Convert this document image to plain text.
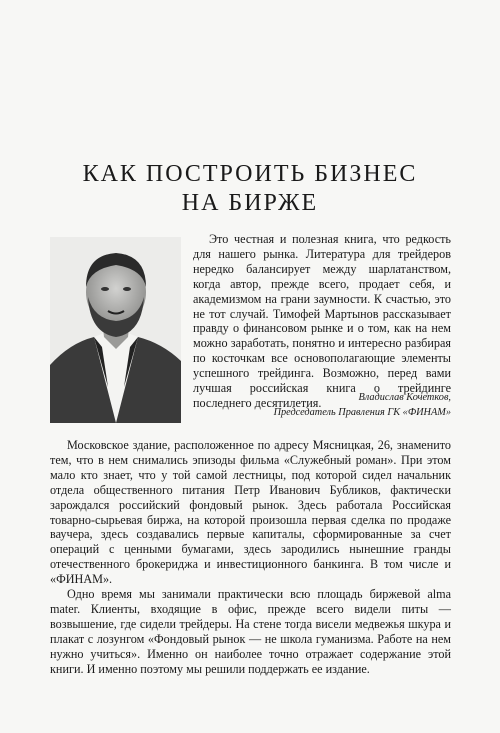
КАК ПОСТРОИТЬ БИЗНЕС
НА БИРЖЕ

Это честная и полезная книга, что редкость для нашего рынка. Литература для трейдеров нередко балансирует между шарлатанством, когда автор, прежде всего, продает себя, и академизмом на грани заумности. К счастью, это не тот случай. Тимофей Мартынов рассказывает правду о финансовом рынке и о том, как на нем можно заработать, понятно и интересно разбирая по косточкам все основополагающие элементы успешного трейдинга. Возможно, перед вами лучшая российская книга о трейдинге последнего десятилетия.	Владислав Кочетков,
Председатель Правления ГК «ФИНАМ»

Московское здание, расположенное по адресу Мясницкая, 26, знаменито тем, что в нем снимались эпизоды фильма «Служебный роман». При этом мало кто знает, что у той самой лестницы, под которой сидел начальник отдела общественного питания Петр Иванович Бубликов, фактически зарождался российский фондовый рынок. Здесь работала Российская товарно-сырьевая биржа, на которой произошла первая сделка по продаже ваучера, здесь создавались первые капиталы, сформированные за счет операций с ценными бумагами, здесь зародились нынешние гранды отечественного брокериджа и инвестиционного банкинга. В том числе и «ФИНАМ».

Одно время мы занимали практически всю площадь биржевой alma mater. Клиенты, входящие в офис, прежде всего видели питы — возвышение, где сидели трейдеры. На стене тогда висели медвежья шкура и плакат с лозунгом «Фондовый рынок — не школа гуманизма. Работе на нем нужно учиться». Именно он наиболее точно отражает содержание этой книги. И именно поэтому мы решили поддержать ее издание.
